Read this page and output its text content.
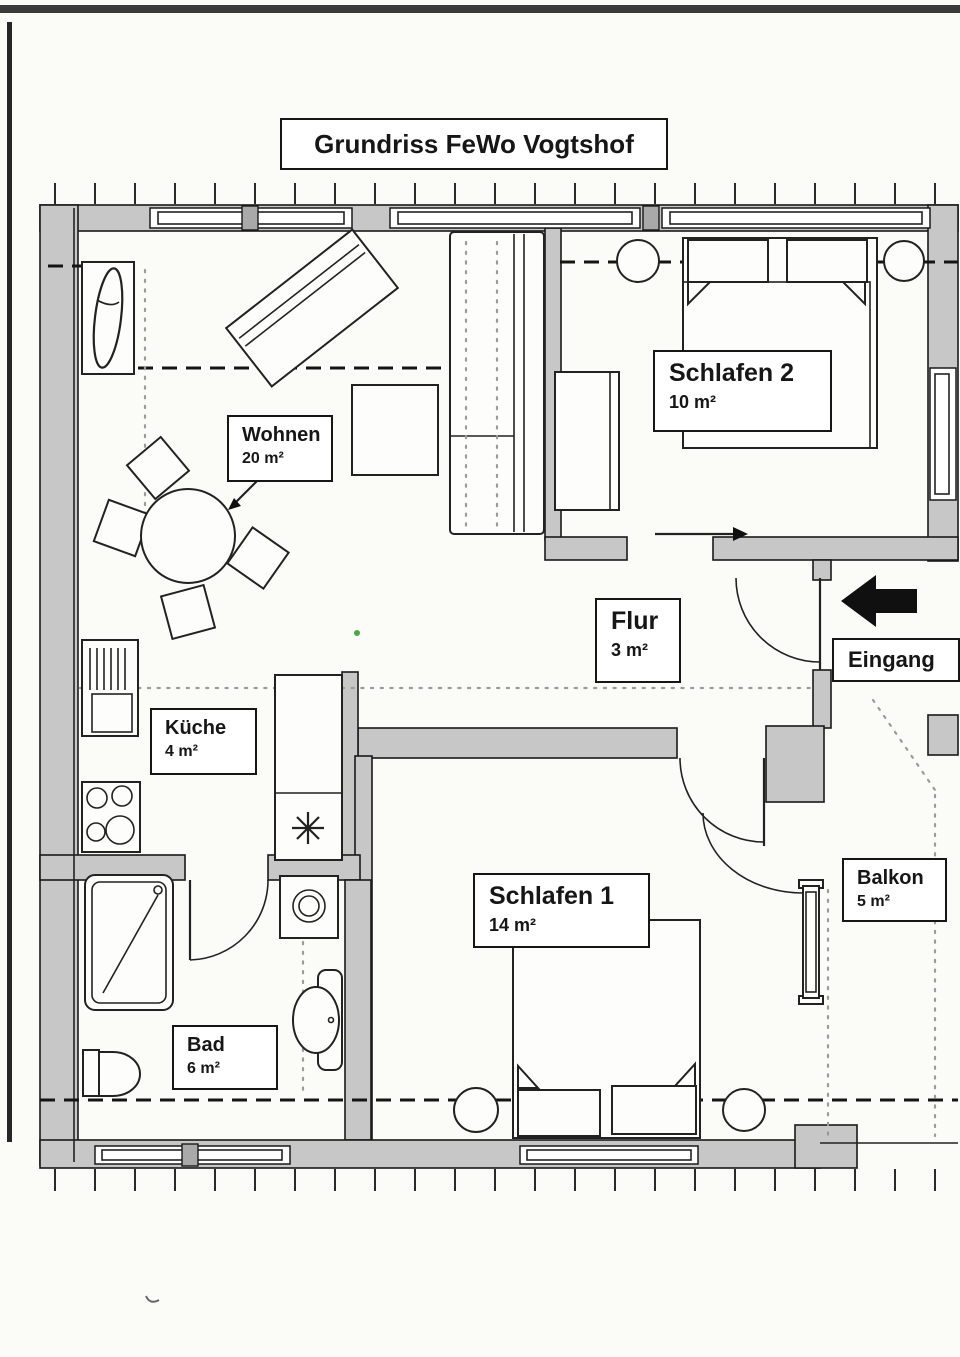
Grundriss FeWo Vogtshof
Wohnen
20 m²
Schlafen 2
10 m²
Flur
3 m²	Eingang
Küche
4 m²
Schlafen 1
14 m²
Bad
6 m²
Balkon
5 m²
